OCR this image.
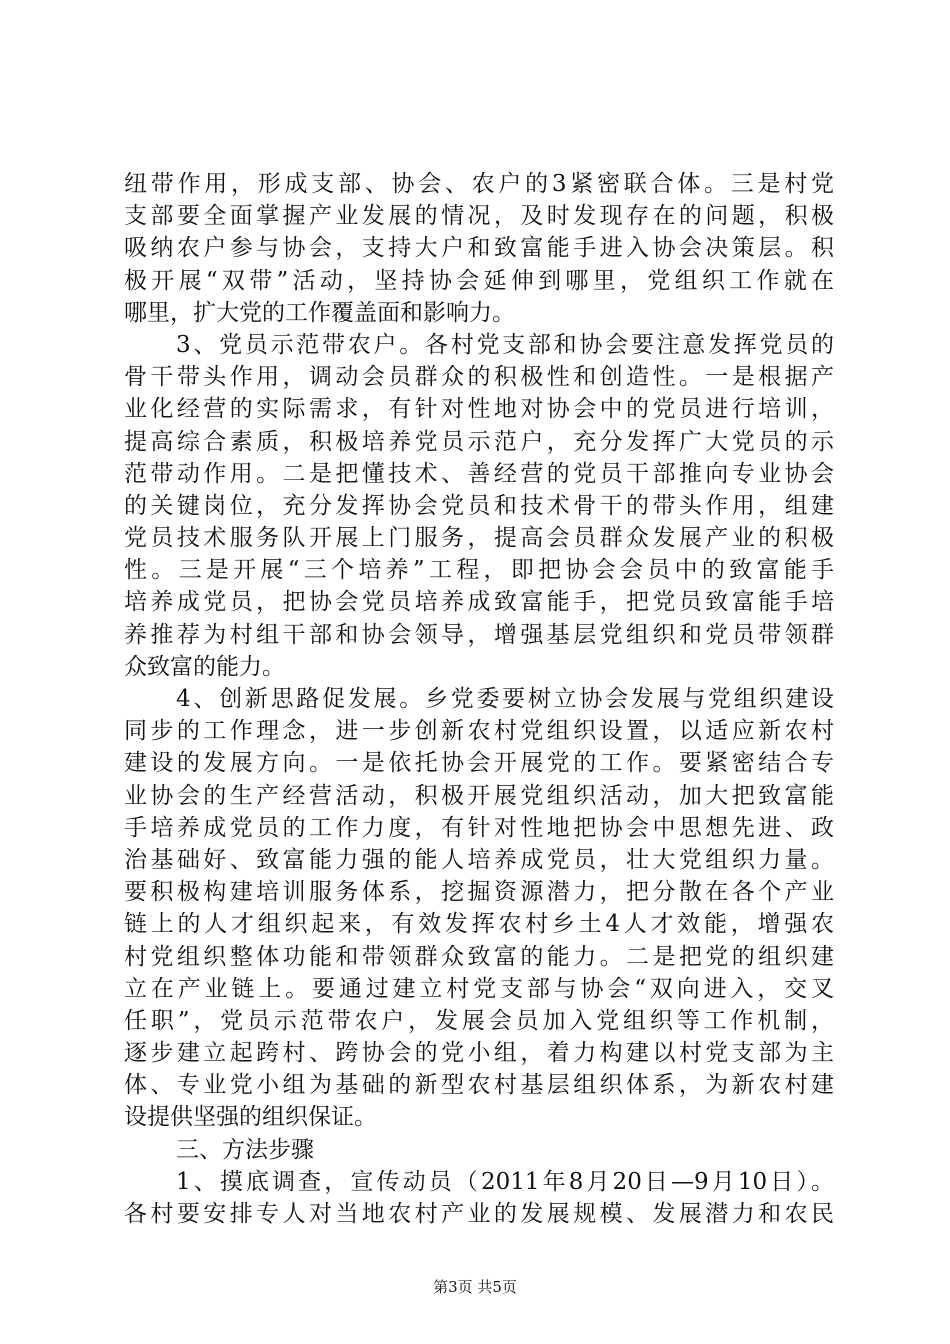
纽带作用，形成支部、协会、农户的3紧密联合体。三是村党
支部要全面掌握产业发展的情况，及时发现存在的问题，积极
吸纳农户参与协会，支持大户和致富能手进入协会决策层。积
极开展“双带”活动，坚持协会延伸到哪里，党组织工作就在
哪里，扩大党的工作覆盖面和影响力。
3、党员示范带农户。各村党支部和协会要注意发挥党员的
骨干带头作用，调动会员群众的积极性和创造性。一是根据产
业化经营的实际需求，有针对性地对协会中的党员进行培训，
提高综合素质，积极培养党员示范户，充分发挥广大党员的示
范带动作用。二是把懂技术、善经营的党员干部推向专业协会
的关键岗位，充分发挥协会党员和技术骨干的带头作用，组建
党员技术服务队开展上门服务，提高会员群众发展产业的积极
性。三是开展“三个培养”工程，即把协会会员中的致富能手
培养成党员，把协会党员培养成致富能手，把党员致富能手培
养推荐为村组干部和协会领导，增强基层党组织和党员带领群
众致富的能力。
4、创新思路促发展。乡党委要树立协会发展与党组织建设
同步的工作理念，进一步创新农村党组织设置，以适应新农村
建设的发展方向。一是依托协会开展党的工作。要紧密结合专
业协会的生产经营活动，积极开展党组织活动，加大把致富能
手培养成党员的工作力度，有针对性地把协会中思想先进、政
治基础好、致富能力强的能人培养成党员，壮大党组织力量。
要积极构建培训服务体系，挖掘资源潜力，把分散在各个产业
链上的人才组织起来，有效发挥农村乡土4人才效能，增强农
村党组织整体功能和带领群众致富的能力。二是把党的组织建
立在产业链上。要通过建立村党支部与协会“双向进入，交叉
任职”，党员示范带农户，发展会员加入党组织等工作机制，
逐步建立起跨村、跨协会的党小组，着力构建以村党支部为主
体、专业党小组为基础的新型农村基层组织体系，为新农村建
设提供坚强的组织保证。
三、方法步骤
1、摸底调查，宣传动员（2011年8月20日—9月10日）。
各村要安排专人对当地农村产业的发展规模、发展潜力和农民
第3页 共5页
